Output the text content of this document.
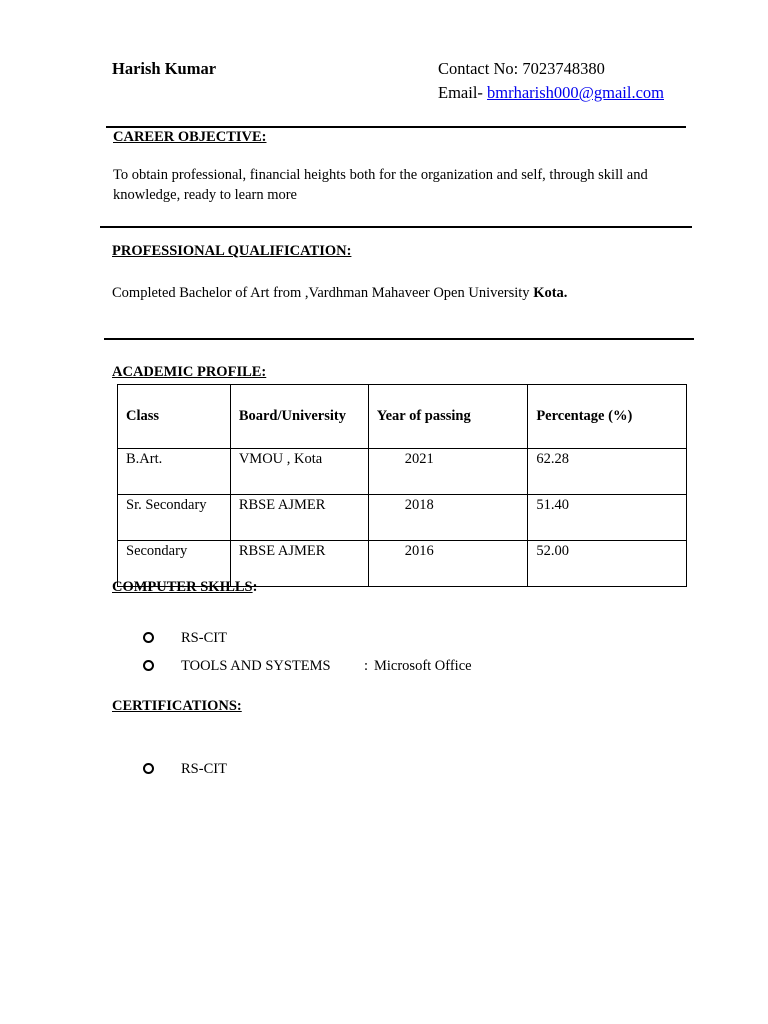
Harish Kumar	Contact No: 7023748380
Email- bmrharish000@gmail.com
CAREER OBJECTIVE:
To obtain professional, financial heights both for the organization and self, through skill and
knowledge, ready to learn more
PROFESSIONAL QUALIFICATION:
Completed Bachelor of Art from ,Vardhman Mahaveer Open University Kota.
ACADEMIC PROFILE:
Class	Board/University	Year of passing	Percentage (%)
B.Art.	VMOU , Kota	2021	62.28
Sr. Secondary	RBSE AJMER	2018	51.40
Secondary	RBSE AJMER	2016	52.00
COMPUTER SKILLS:
RS-CIT
TOOLS AND SYSTEMS : Microsoft Office
CERTIFICATIONS:
RS-CIT
